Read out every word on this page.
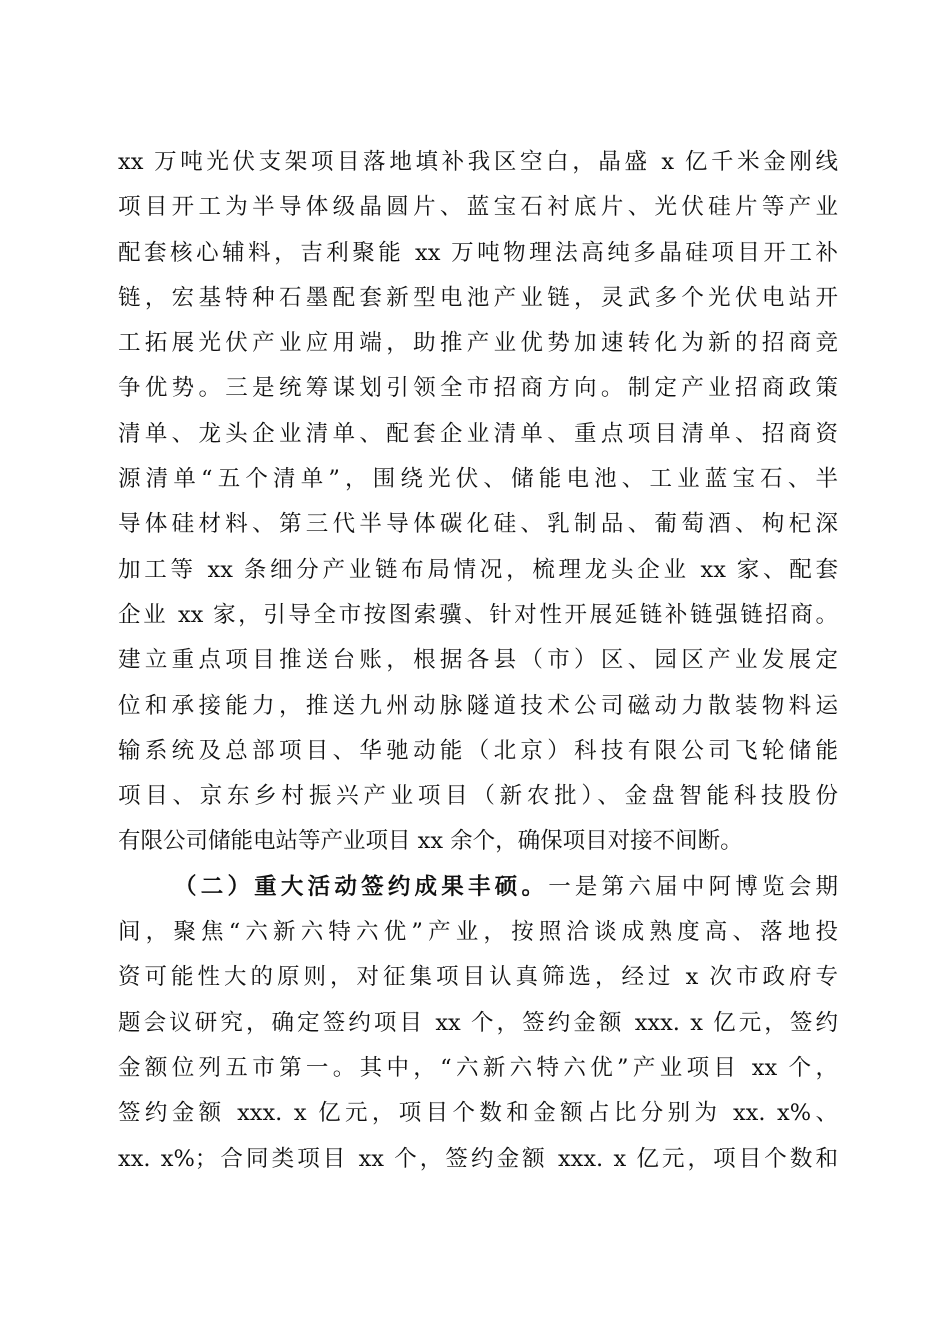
xx 万吨光伏支架项目落地填补我区空白，晶盛 x 亿千米金刚线
项目开工为半导体级晶圆片、蓝宝石衬底片、光伏硅片等产业
配套核心辅料，吉利聚能 xx 万吨物理法高纯多晶硅项目开工补
链，宏基特种石墨配套新型电池产业链，灵武多个光伏电站开
工拓展光伏产业应用端，助推产业优势加速转化为新的招商竞
争优势。三是统筹谋划引领全市招商方向。制定产业招商政策
清单、龙头企业清单、配套企业清单、重点项目清单、招商资
源清单“五个清单”，围绕光伏、储能电池、工业蓝宝石、半
导体硅材料、第三代半导体碳化硅、乳制品、葡萄酒、枸杞深
加工等 xx 条细分产业链布局情况，梳理龙头企业 xx 家、配套
企业 xx 家，引导全市按图索骥、针对性开展延链补链强链招商。
建立重点项目推送台账，根据各县（市）区、园区产业发展定
位和承接能力，推送九州动脉隧道技术公司磁动力散装物料运
输系统及总部项目、华驰动能（北京）科技有限公司飞轮储能
项目、京东乡村振兴产业项目（新农批）、金盘智能科技股份
有限公司储能电站等产业项目 xx 余个，确保项目对接不间断。
（二）重大活动签约成果丰硕。一是第六届中阿博览会期
间，聚焦“六新六特六优”产业，按照洽谈成熟度高、落地投
资可能性大的原则，对征集项目认真筛选，经过 x 次市政府专
题会议研究，确定签约项目 xx 个，签约金额 xxx. x 亿元，签约
金额位列五市第一。其中，“六新六特六优”产业项目 xx 个，
签约金额 xxx. x 亿元，项目个数和金额占比分别为 xx. x%、
xx. x%；合同类项目 xx 个，签约金额 xxx. x 亿元，项目个数和
